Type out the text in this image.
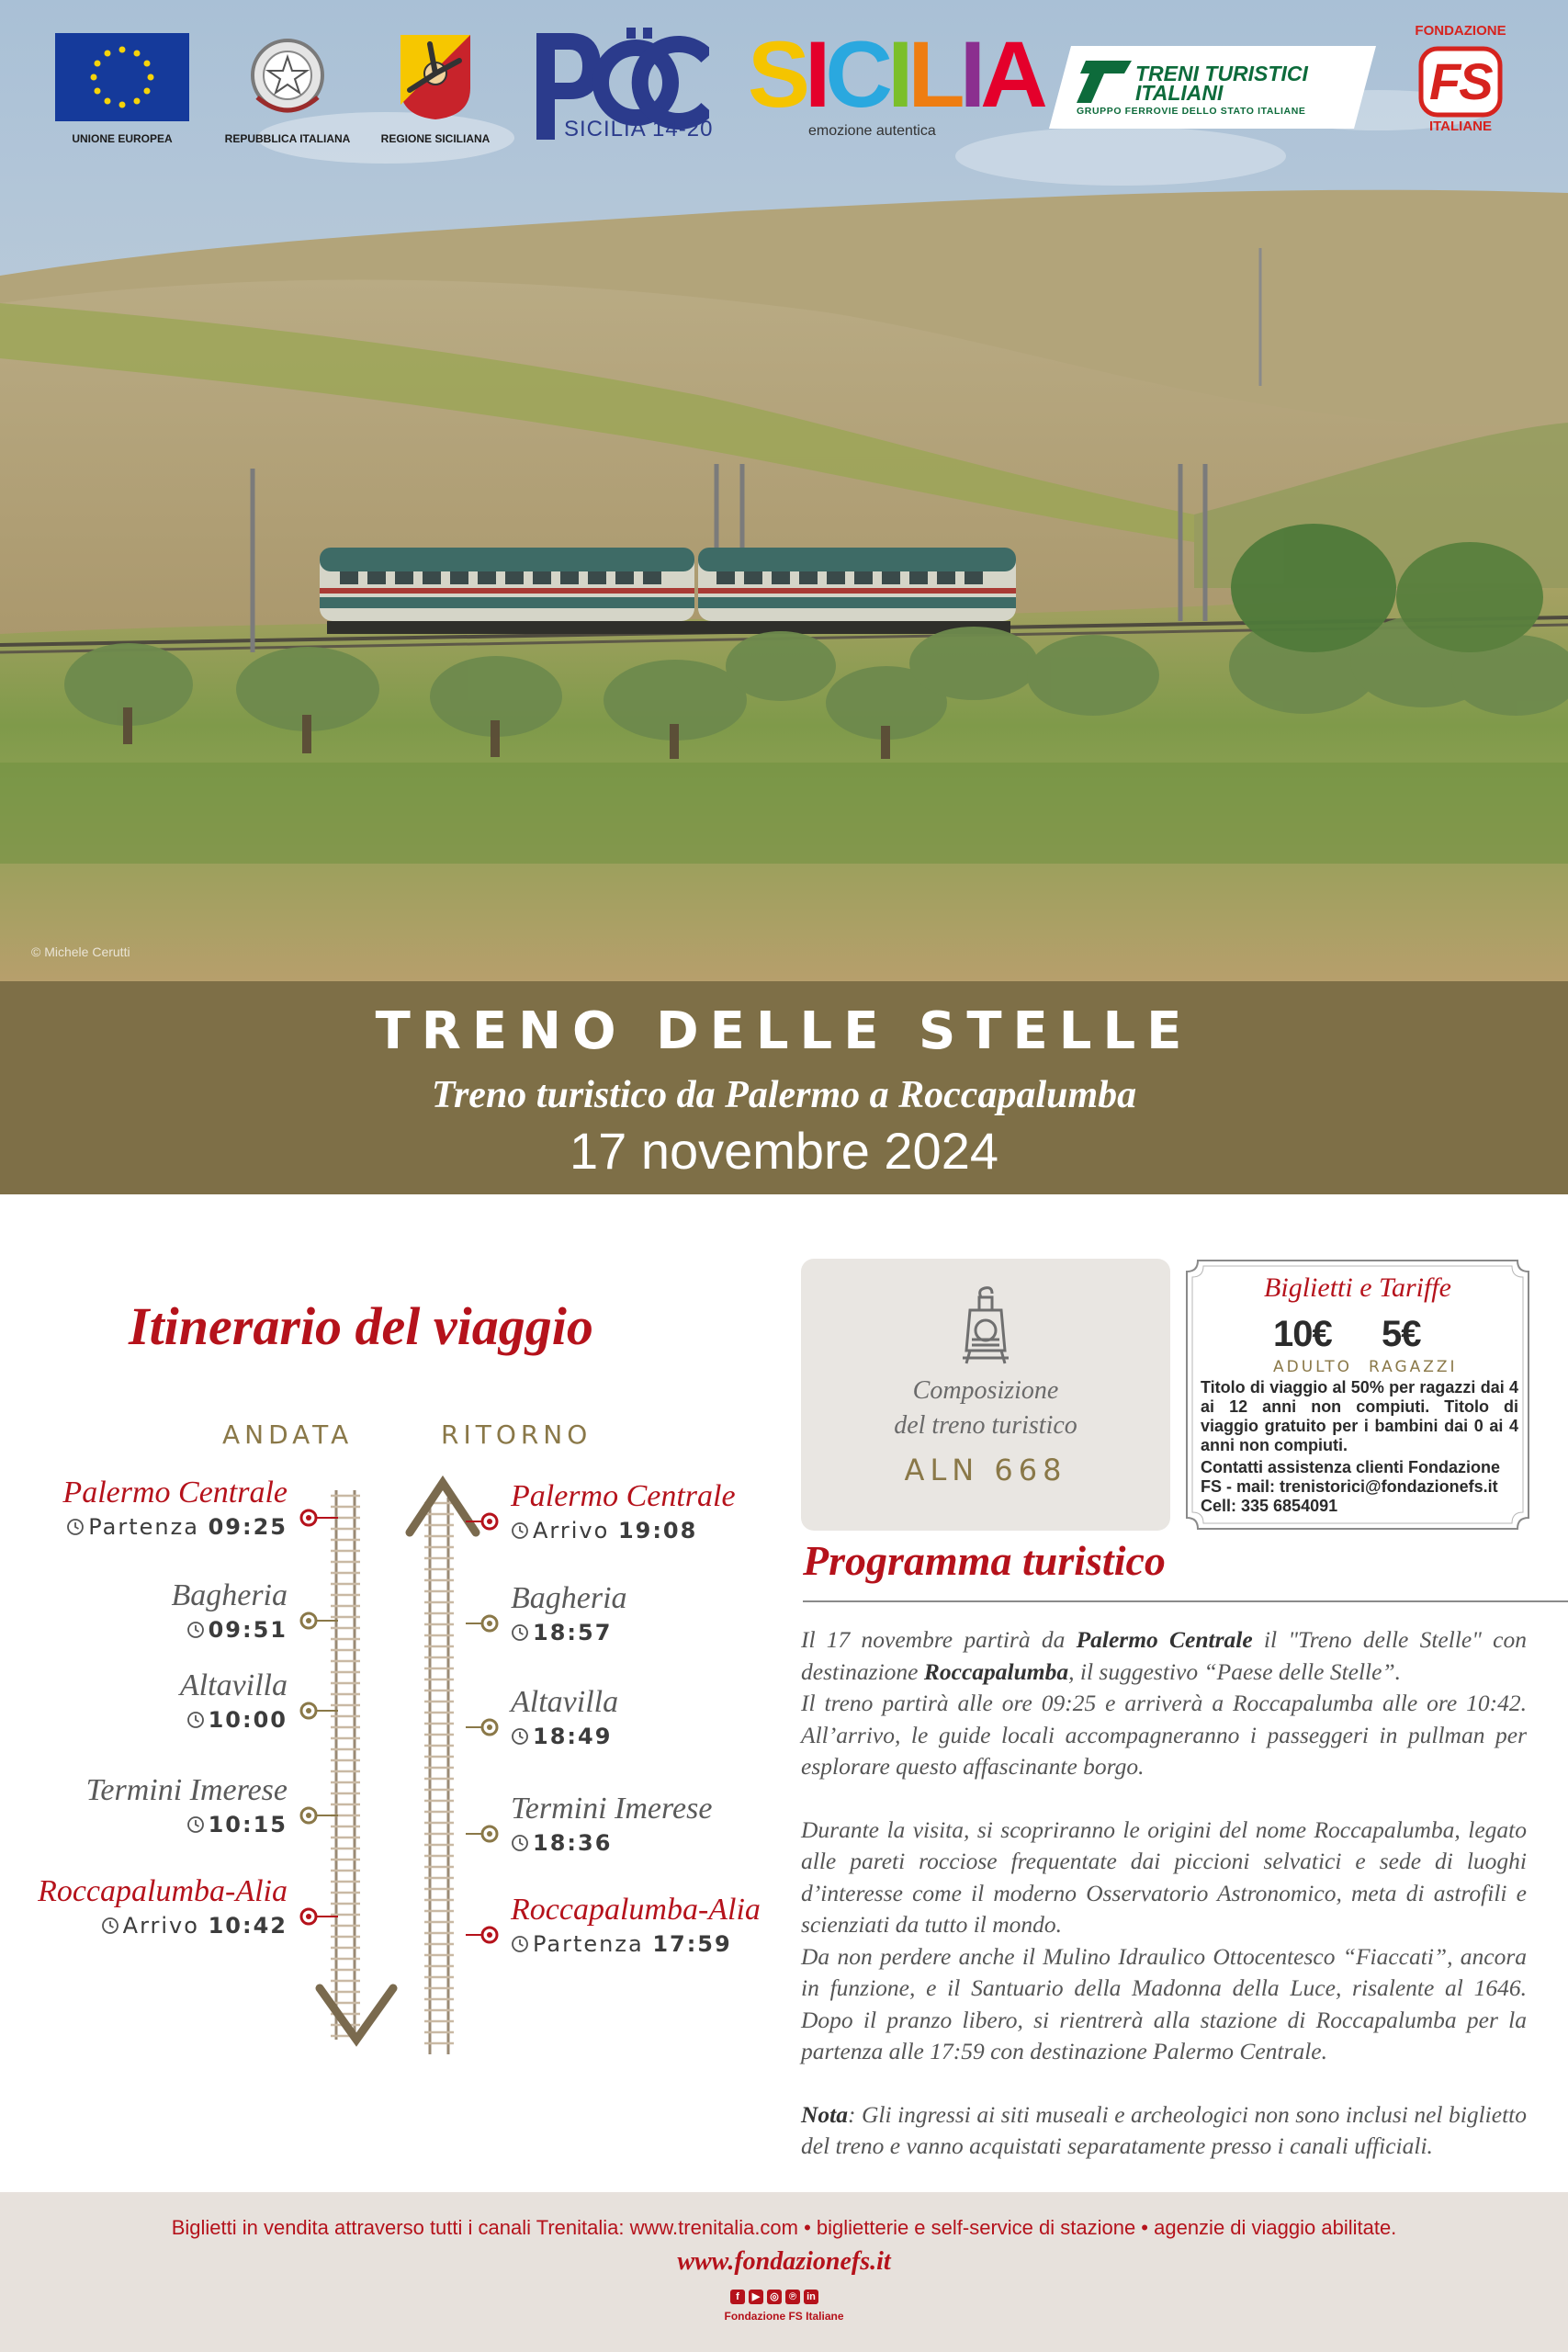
UNIONE EUROPEA	REPUBBLICA ITALIANA	REGIONE SICILIANA	SICILIA 14-20
SICILIA
emozione autentica
TRENI TURISTICI ITALIANI
GRUPPO FERROVIE DELLO STATO ITALIANE
FONDAZIONE
FS
ITALIANE
© Michele Cerutti
TRENO DELLE STELLE
Treno turistico da Palermo a Roccapalumba
17 novembre 2024
Itinerario del viaggio
ANDATA	RITORNO
Palermo Centrale
Partenza 09:25
Bagheria
09:51
Altavilla
10:00
Termini Imerese
10:15
Roccapalumba-Alia
Arrivo 10:42
Palermo Centrale
Arrivo 19:08
Bagheria
18:57
Altavilla
18:49
Termini Imerese
18:36
Roccapalumba-Alia
Partenza 17:59
Composizione
del treno turistico
ALN 668
Biglietti e Tariffe
10€
ADULTO
5€
RAGAZZI
Titolo di viaggio al 50% per ragazzi dai 4 ai 12 anni non compiuti. Titolo di viaggio gratuito per i bambini dai 0 ai 4 anni non compiuti.
Contatti assistenza clienti Fondazione FS - mail: trenistorici@fondazionefs.it
Cell: 335 6854091
Programma turistico

Il 17 novembre partirà da Palermo Centrale il "Treno delle Stelle" con destinazione Roccapalumba, il suggestivo “Paese delle Stelle”.

Il treno partirà alle ore 09:25 e arriverà a Roccapalumba alle ore 10:42. All’arrivo, le guide locali accompagneranno i passeggeri in pullman per esplorare questo affascinante borgo.

Durante la visita, si scopriranno le origini del nome Roccapalumba, legato alle pareti rocciose frequentate dai piccioni selvatici e sede di luoghi d’interesse come il moderno Osservatorio Astronomico, meta di astrofili e scienziati da tutto il mondo.

Da non perdere anche il Mulino Idraulico Ottocentesco “Fiaccati”, ancora in funzione, e il Santuario della Madonna della Luce, risalente al 1646. Dopo il pranzo libero, si rientrerà alla stazione di Roccapalumba per la partenza alle 17:59 con destinazione Palermo Centrale.

Nota: Gli ingressi ai siti museali e archeologici non sono inclusi nel biglietto del treno e vanno acquistati separatamente presso i canali ufficiali.

Biglietti in vendita attraverso tutti i canali Trenitalia: www.trenitalia.com • biglietterie e self-service di stazione • agenzie di viaggio abilitate.
www.fondazionefs.it
f ▶ ◎ ℗ in
Fondazione FS Italiane
